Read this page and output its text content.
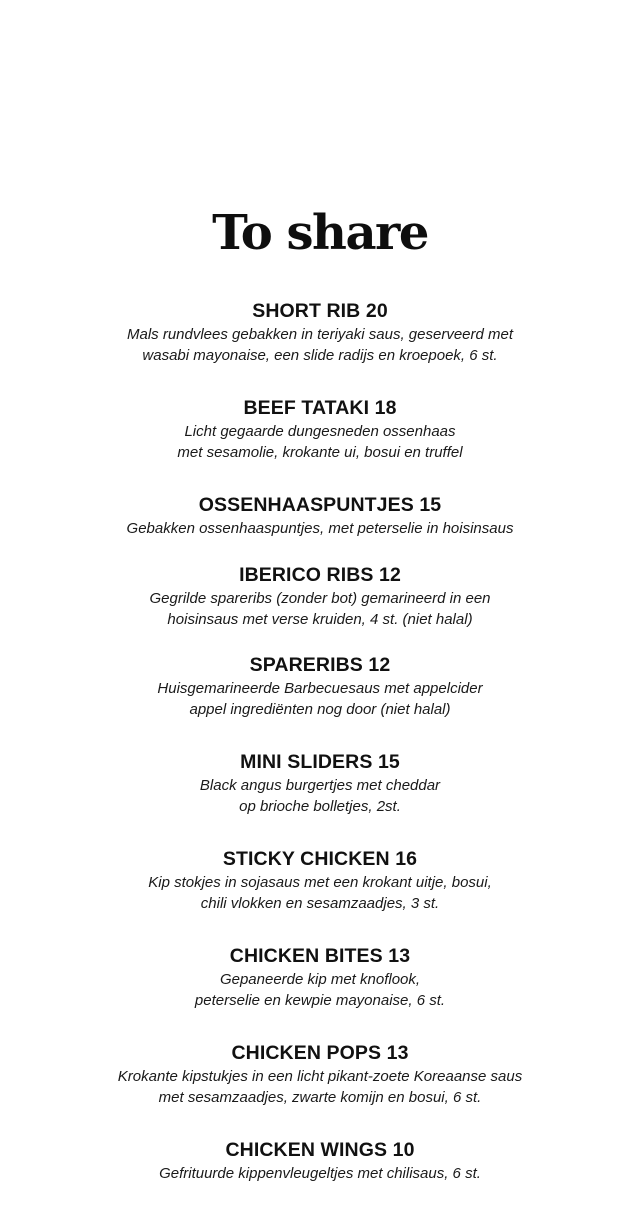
To share

SHORT RIB 20

Mals rundvlees gebakken in teriyaki saus, geserveerd met
wasabi mayonaise, een slide radijs en kroepoek, 6 st.

BEEF TATAKI 18

Licht gegaarde dungesneden ossenhaas
met sesamolie, krokante ui, bosui en truffel

OSSENHAASPUNTJES 15

Gebakken ossenhaaspuntjes, met peterselie in hoisinsaus

IBERICO RIBS 12

Gegrilde spareribs (zonder bot) gemarineerd in een
hoisinsaus met verse kruiden, 4 st. (niet halal)

SPARERIBS 12

Huisgemarineerde Barbecuesaus met appelcider
appel ingrediënten nog door (niet halal)

MINI SLIDERS 15

Black angus burgertjes met cheddar
op brioche bolletjes, 2st.

STICKY CHICKEN 16

Kip stokjes in sojasaus met een krokant uitje, bosui,
chili vlokken en sesamzaadjes, 3 st.

CHICKEN BITES 13

Gepaneerde kip met knoflook,
peterselie en kewpie mayonaise, 6 st.

CHICKEN POPS 13

Krokante kipstukjes in een licht pikant-zoete Koreaanse saus
met sesamzaadjes, zwarte komijn en bosui, 6 st.

CHICKEN WINGS 10

Gefrituurde kippenvleugeltjes met chilisaus, 6 st.
